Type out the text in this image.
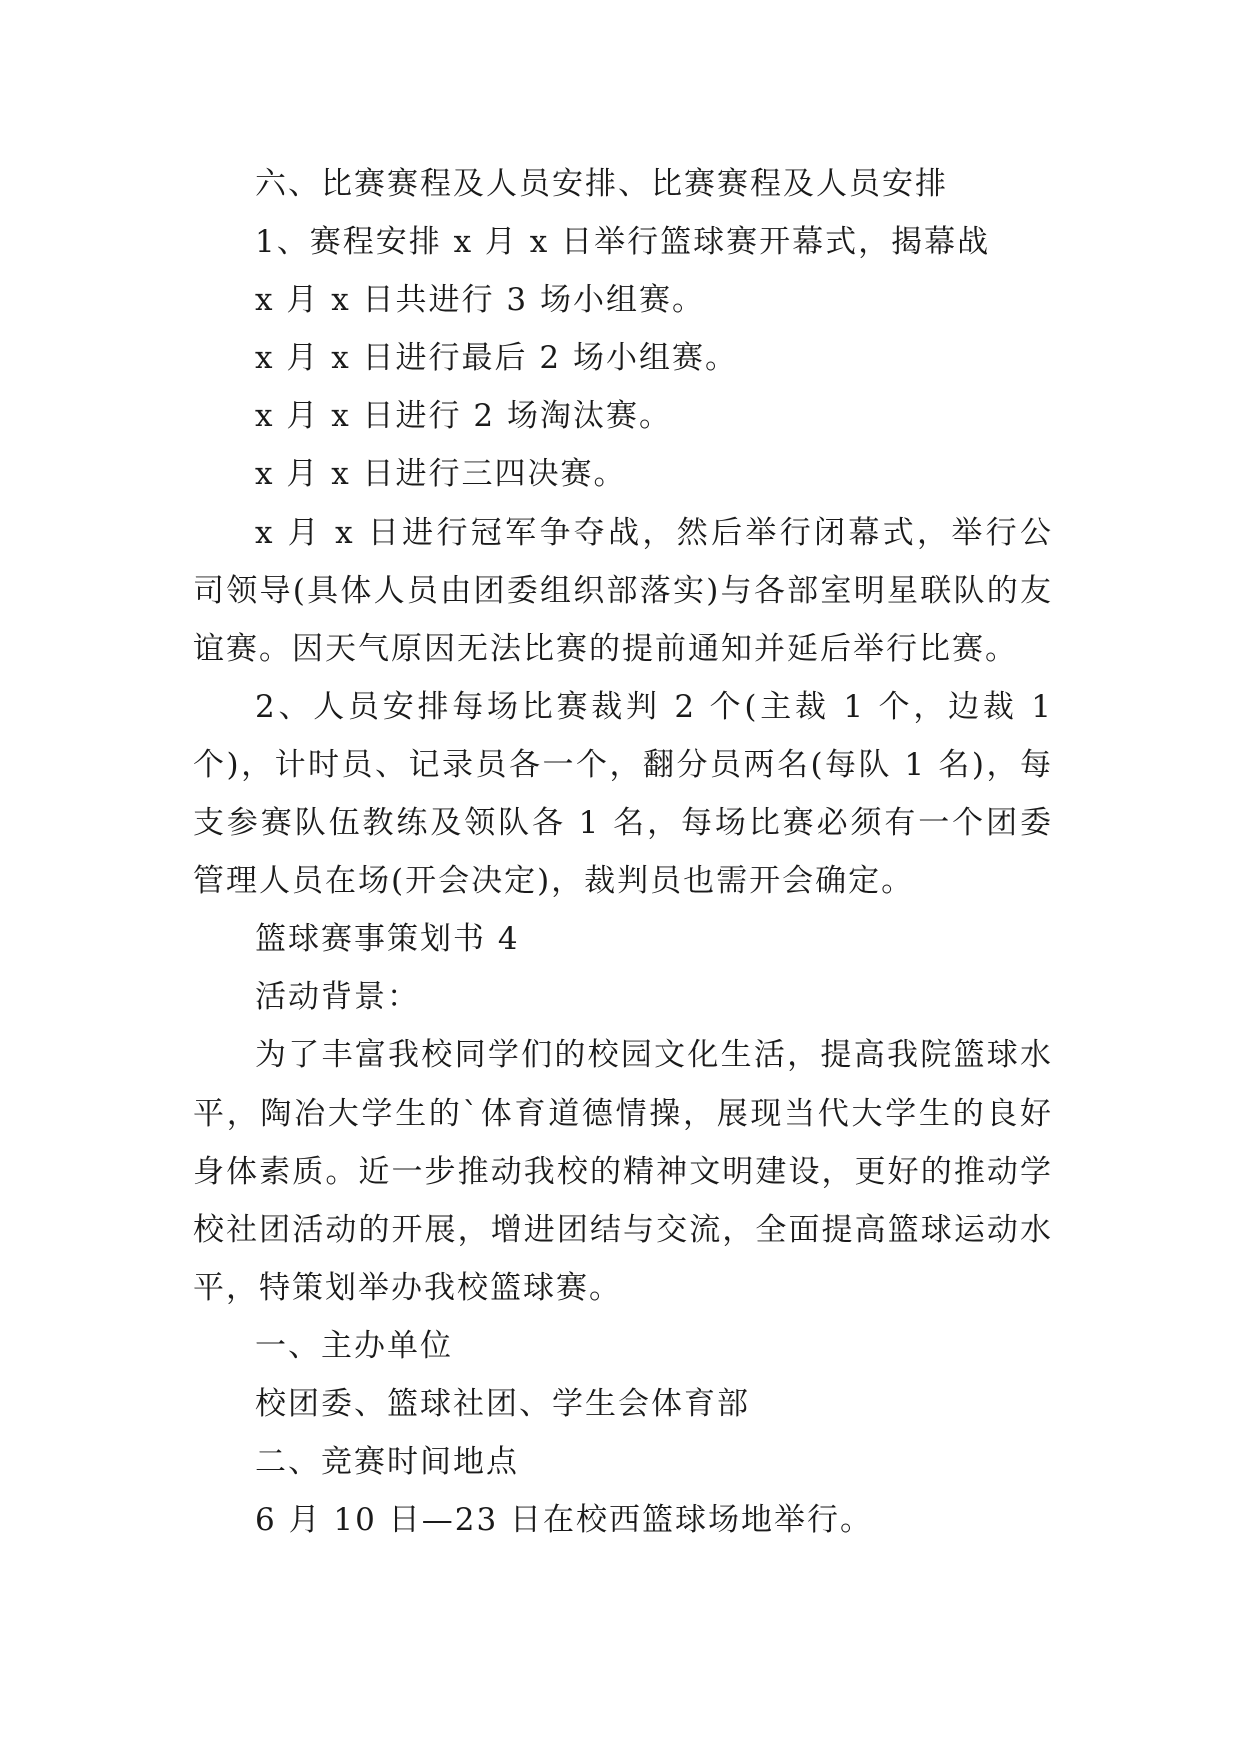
六、比赛赛程及人员安排、比赛赛程及人员安排

1、赛程安排 x 月 x 日举行篮球赛开幕式，揭幕战

x 月 x 日共进行 3 场小组赛。

x 月 x 日进行最后 2 场小组赛。

x 月 x 日进行 2 场淘汰赛。

x 月 x 日进行三四决赛。

x 月 x 日进行冠军争夺战，然后举行闭幕式，举行公司领导(具体人员由团委组织部落实)与各部室明星联队的友谊赛。因天气原因无法比赛的提前通知并延后举行比赛。

2、人员安排每场比赛裁判 2 个(主裁 1 个，边裁 1 个)，计时员、记录员各一个，翻分员两名(每队 1 名)，每支参赛队伍教练及领队各 1 名，每场比赛必须有一个团委管理人员在场(开会决定)，裁判员也需开会确定。

篮球赛事策划书 4

活动背景：

为了丰富我校同学们的校园文化生活，提高我院篮球水平，陶冶大学生的`体育道德情操，展现当代大学生的良好身体素质。近一步推动我校的精神文明建设，更好的推动学校社团活动的开展，增进团结与交流，全面提高篮球运动水平，特策划举办我校篮球赛。

一、主办单位

校团委、篮球社团、学生会体育部

二、竞赛时间地点

6 月 10 日—23 日在校西篮球场地举行。
